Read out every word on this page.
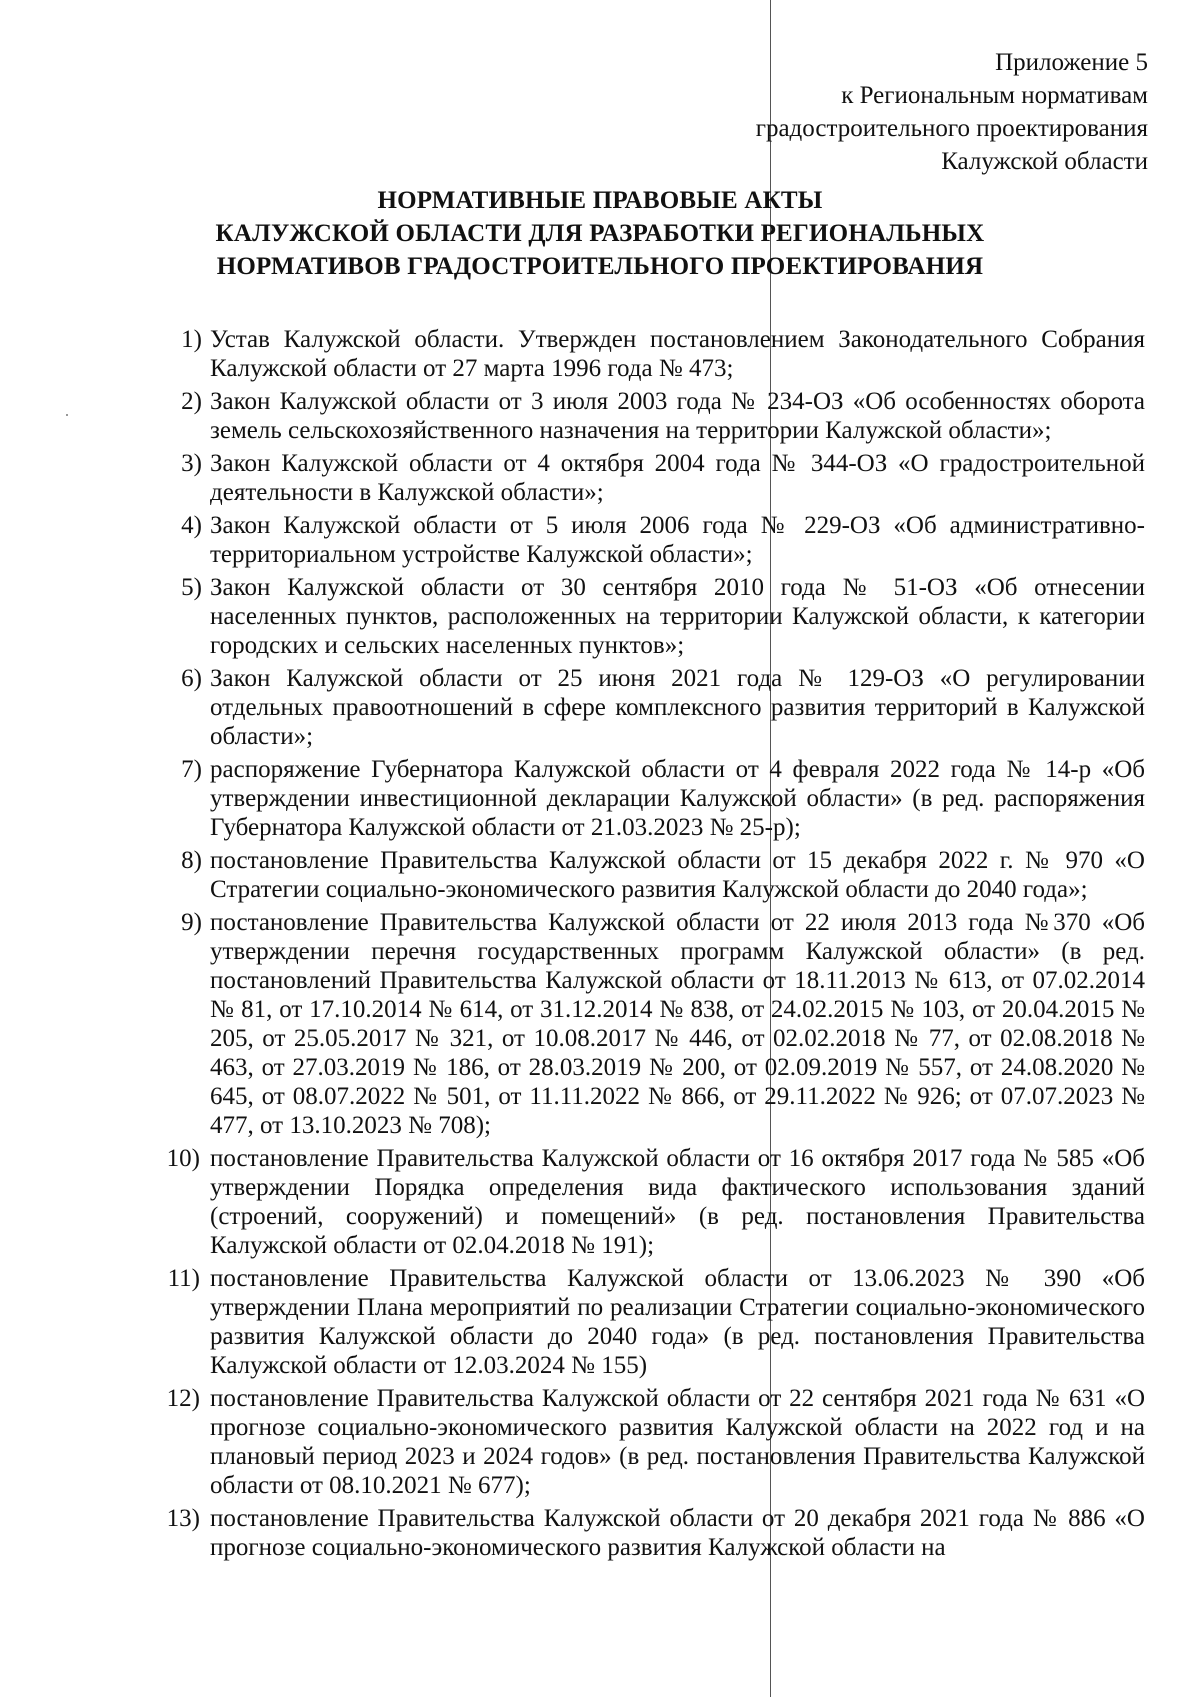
Приложение 5
к Региональным нормативам
градостроительного проектирования
Калужской области
НОРМАТИВНЫЕ ПРАВОВЫЕ АКТЫ
КАЛУЖСКОЙ ОБЛАСТИ ДЛЯ РАЗРАБОТКИ РЕГИОНАЛЬНЫХ
НОРМАТИВОВ ГРАДОСТРОИТЕЛЬНОГО ПРОЕКТИРОВАНИЯ
1) Устав Калужской области. Утвержден постановлением Законодательного Собрания Калужской области от 27 марта 1996 года № 473;
2) Закон Калужской области от 3 июля 2003 года № 234-ОЗ «Об особенностях оборота земель сельскохозяйственного назначения на территории Калужской области»;
3) Закон Калужской области от 4 октября 2004 года № 344-ОЗ «О градостроительной деятельности в Калужской области»;
4) Закон Калужской области от 5 июля 2006 года № 229-ОЗ «Об административно-территориальном устройстве Калужской области»;
5) Закон Калужской области от 30 сентября 2010 года № 51-ОЗ «Об отнесении населенных пунктов, расположенных на территории Калужской области, к категории городских и сельских населенных пунктов»;
6) Закон Калужской области от 25 июня 2021 года № 129-ОЗ «О регулировании отдельных правоотношений в сфере комплексного развития территорий в Калужской области»;
7) распоряжение Губернатора Калужской области от 4 февраля 2022 года № 14-р «Об утверждении инвестиционной декларации Калужской области» (в ред. распоряжения Губернатора Калужской области от 21.03.2023 № 25-р);
8) постановление Правительства Калужской области от 15 декабря 2022 г. № 970 «О Стратегии социально-экономического развития Калужской области до 2040 года»;
9) постановление Правительства Калужской области от 22 июля 2013 года №370 «Об утверждении перечня государственных программ Калужской области» (в ред. постановлений Правительства Калужской области от 18.11.2013 № 613, от 07.02.2014 № 81, от 17.10.2014 № 614, от 31.12.2014 № 838, от 24.02.2015 № 103, от 20.04.2015 № 205, от 25.05.2017 № 321, от 10.08.2017 № 446, от 02.02.2018 № 77, от 02.08.2018 № 463, от 27.03.2019 № 186, от 28.03.2019 № 200, от 02.09.2019 № 557, от 24.08.2020 № 645, от 08.07.2022 № 501, от 11.11.2022 № 866, от 29.11.2022 № 926; от 07.07.2023 № 477, от 13.10.2023 № 708);
10) постановление Правительства Калужской области от 16 октября 2017 года № 585 «Об утверждении Порядка определения вида фактического использования зданий (строений, сооружений) и помещений» (в ред. постановления Правительства Калужской области от 02.04.2018 № 191);
11) постановление Правительства Калужской области от 13.06.2023 № 390 «Об утверждении Плана мероприятий по реализации Стратегии социально-экономического развития Калужской области до 2040 года» (в ред. постановления Правительства Калужской области от 12.03.2024 № 155)
12) постановление Правительства Калужской области от 22 сентября 2021 года № 631 «О прогнозе социально-экономического развития Калужской области на 2022 год и на плановый период 2023 и 2024 годов» (в ред. постановления Правительства Калужской области от 08.10.2021 № 677);
13) постановление Правительства Калужской области от 20 декабря 2021 года № 886 «О прогнозе социально-экономического развития Калужской области на
